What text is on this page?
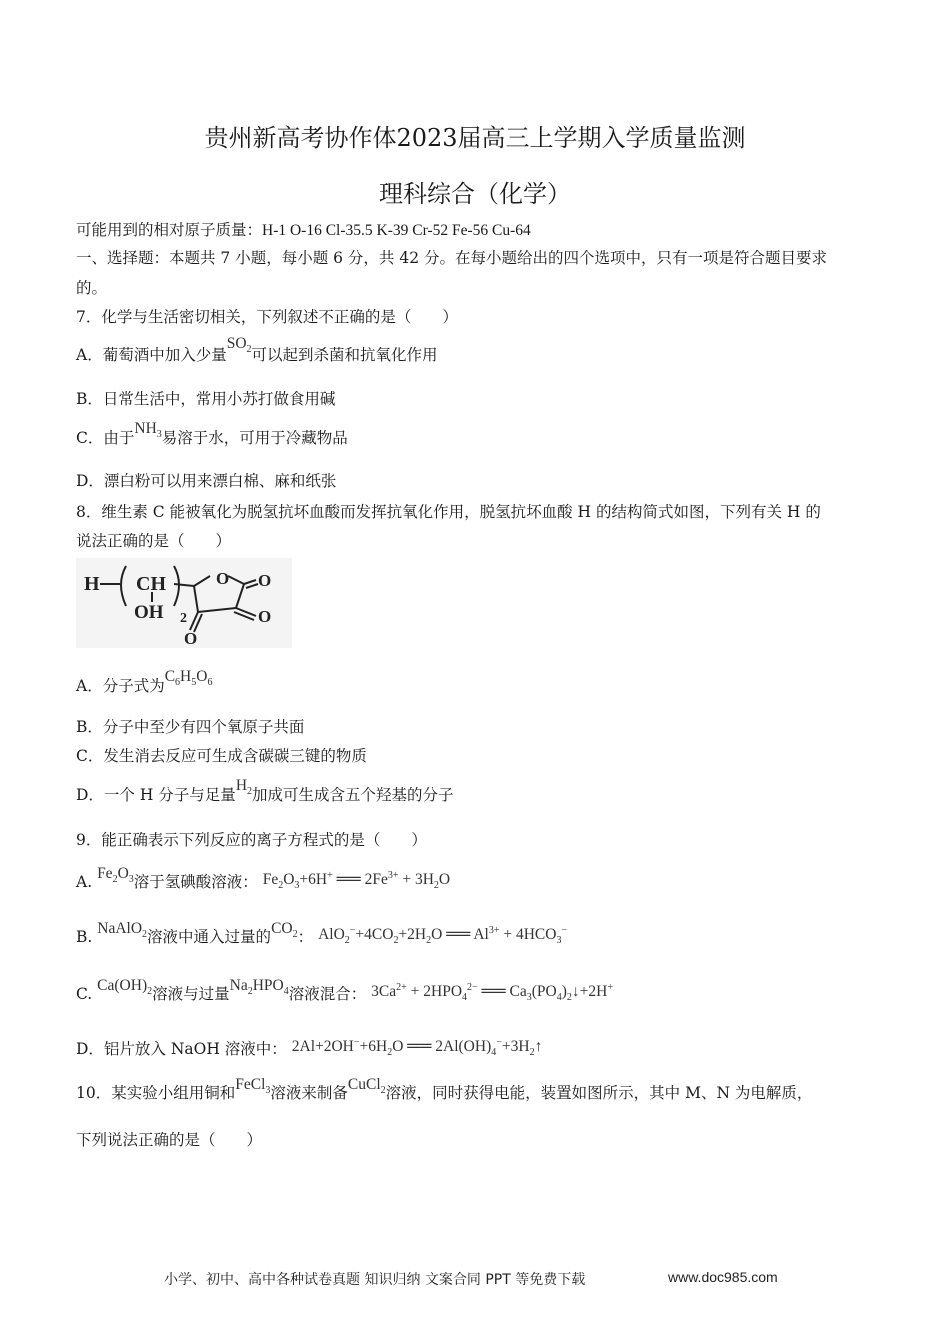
贵州新高考协作体2023届高三上学期入学质量监测
理科综合（化学）
可能用到的相对原子质量：H-1 O-16 Cl-35.5 K-39 Cr-52 Fe-56 Cu-64
一、选择题：本题共 7 小题，每小题 6 分，共 42 分。在每小题给出的四个选项中，只有一项是符合题目要求
的。
7．化学与生活密切相关，下列叙述不正确的是（　　）
A．葡萄酒中加入少量$SO_2$可以起到杀菌和抗氧化作用
B．日常生活中，常用小苏打做食用碱
C．由于$NH_3$易溶于水，可用于冷藏物品
D．漂白粉可以用来漂白棉、麻和纸张
8．维生素 C 能被氧化为脱氢抗坏血酸而发挥抗氧化作用，脱氢抗坏血酸 H 的结构简式如图，下列有关 H 的
说法正确的是（　　）
H CH
OH 2
O O
O
O
A．分子式为$C_6H_5O_6$
B．分子中至少有四个氧原子共面
C．发生消去反应可生成含碳碳三键的物质
D．一个 H 分子与足量$H_2$加成可生成含五个羟基的分子
9．能正确表示下列反应的离子方程式的是（　　）
A. $Fe_2O_3$溶于氢碘酸溶液： $Fe_2O_3+6H^+$ ══ $2Fe^{3+} + 3H_2O$
B. NaAlO$_2$溶液中通入过量的$CO_2$： $AlO_2^-+4CO_2+2H_2O$ ══ $Al^{3+} + 4HCO_3^-$
C. $Ca(OH)_2$溶液与过量$Na_2HPO_4$溶液混合： $3Ca^{2+} + 2HPO_4^{2-}$ ══ $Ca_3(PO_4)_2↓+2H^+$
D．铝片放入 NaOH 溶液中： $2Al+2OH^-+6H_2O$ ══ $2Al(OH)_4^-+3H_2↑$
10．某实验小组用铜和FeCl$_3$溶液来制备CuCl$_2$溶液，同时获得电能，装置如图所示，其中 M、N 为电解质，
下列说法正确的是（　　）
小学、初中、高中各种试卷真题 知识归纳 文案合同 PPT 等免费下载	www.doc985.com
